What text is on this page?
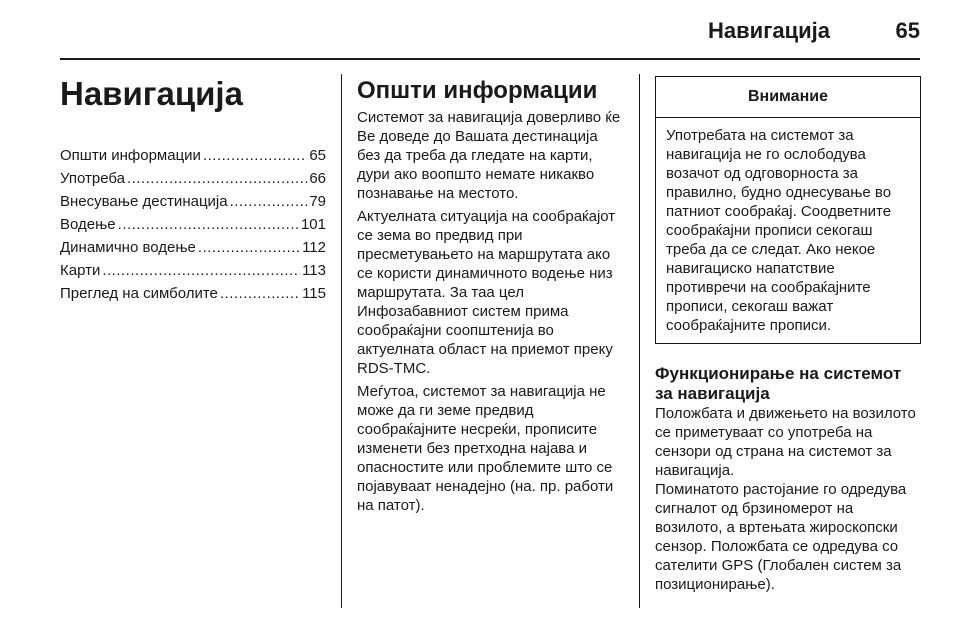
Навигација	65
Навигација
Општи информации .....	65
Употреба .....	66
Внесување дестинација .....	79
Водење .....	101
Динамично водење .....	112
Карти .....	113
Преглед на симболите .....	115
Општи информации

Системот за навигација доверливо ќе Ве доведе до Вашата дестинација без да треба да гледате на карти, дури ако воопшто немате никакво познавање на местото.

Актуелната ситуација на сообраќајот се зема во предвид при пресметувањето на маршрутата ако се користи динамичното водење низ маршрутата. За таа цел Инфозабавниот систем прима сообраќајни соопштенија во актуелната област на приемот преку RDS-TMC.

Меѓутоа, системот за навигација не може да ги земе предвид сообраќајните несреќи, прописите изменети без претходна најава и опасностите или проблемите што се појавуваат ненадејно (на. пр. работи на патот).

Внимание
Употребата на системот за навигација не го ослободува возачот од одговорноста за правилно, будно однесување во патниот сообраќај. Соодветните сообраќајни прописи секогаш треба да се следат. Ако некое навигациско напатствие противречи на сообраќајните прописи, секогаш важат сообраќајните прописи.
Функционирање на системот за навигација

Положбата и движењето на возилото се приметуваат со употреба на сензори од страна на системот за навигација.

Поминатото растојание го одредува сигналот од брзиномерот на возилото, а вртењата жироскопски сензор. Положбата се одредува со сателити GPS (Глобален систем за позиционирање).
